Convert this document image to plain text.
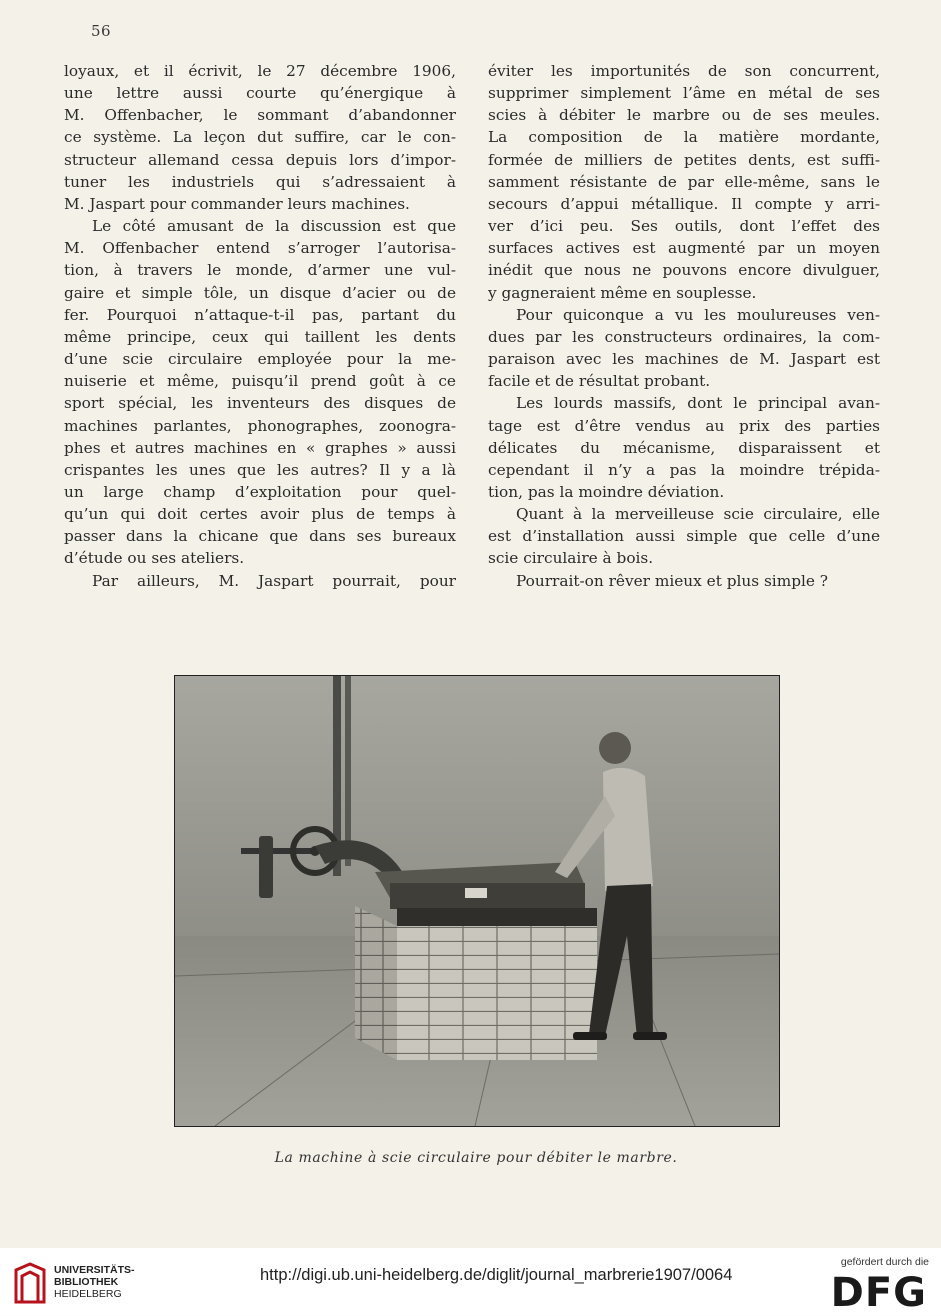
56

loyaux, et il écrivit, le 27 décembre 1906,

une lettre aussi courte qu’énergique à

M. Offenbacher, le sommant d’abandonner

ce système. La leçon dut suffire, car le con-

structeur allemand cessa depuis lors d’impor-

tuner les industriels qui s’adressaient à

M. Jaspart pour commander leurs machines.

Le côté amusant de la discussion est que

M. Offenbacher entend s’arroger l’autorisa-

tion, à travers le monde, d’armer une vul-

gaire et simple tôle, un disque d’acier ou de

fer. Pourquoi n’attaque-t-il pas, partant du

même principe, ceux qui taillent les dents

d’une scie circulaire employée pour la me-

nuiserie et même, puisqu’il prend goût à ce

sport spécial, les inventeurs des disques de

machines parlantes, phonographes, zoonogra-

phes et autres machines en « graphes » aussi

crispantes les unes que les autres? Il y a là

un large champ d’exploitation pour quel-

qu’un qui doit certes avoir plus de temps à

passer dans la chicane que dans ses bureaux

d’étude ou ses ateliers.

Par ailleurs, M. Jaspart pourrait, pour

éviter les importunités de son concurrent,

supprimer simplement l’âme en métal de ses

scies à débiter le marbre ou de ses meules.

La composition de la matière mordante,

formée de milliers de petites dents, est suffi-

samment résistante de par elle-même, sans le

secours d’appui métallique. Il compte y arri-

ver d’ici peu. Ses outils, dont l’effet des

surfaces actives est augmenté par un moyen

inédit que nous ne pouvons encore divulguer,

y gagneraient même en souplesse.

Pour quiconque a vu les moulureuses ven-

dues par les constructeurs ordinaires, la com-

paraison avec les machines de M. Jaspart est

facile et de résultat probant.

Les lourds massifs, dont le principal avan-

tage est d’être vendus au prix des parties

délicates du mécanisme, disparaissent et

cependant il n’y a pas la moindre trépida-

tion, pas la moindre déviation.

Quant à la merveilleuse scie circulaire, elle

est d’installation aussi simple que celle d’une

scie circulaire à bois.

Pourrait-on rêver mieux et plus simple ?

La machine à scie circulaire pour débiter le marbre.
UNIVERSITÄTS-
BIBLIOTHEK
HEIDELBERG
http://digi.ub.uni-heidelberg.de/diglit/journal_marbrerie1907/0064
gefördert durch die
DFG
